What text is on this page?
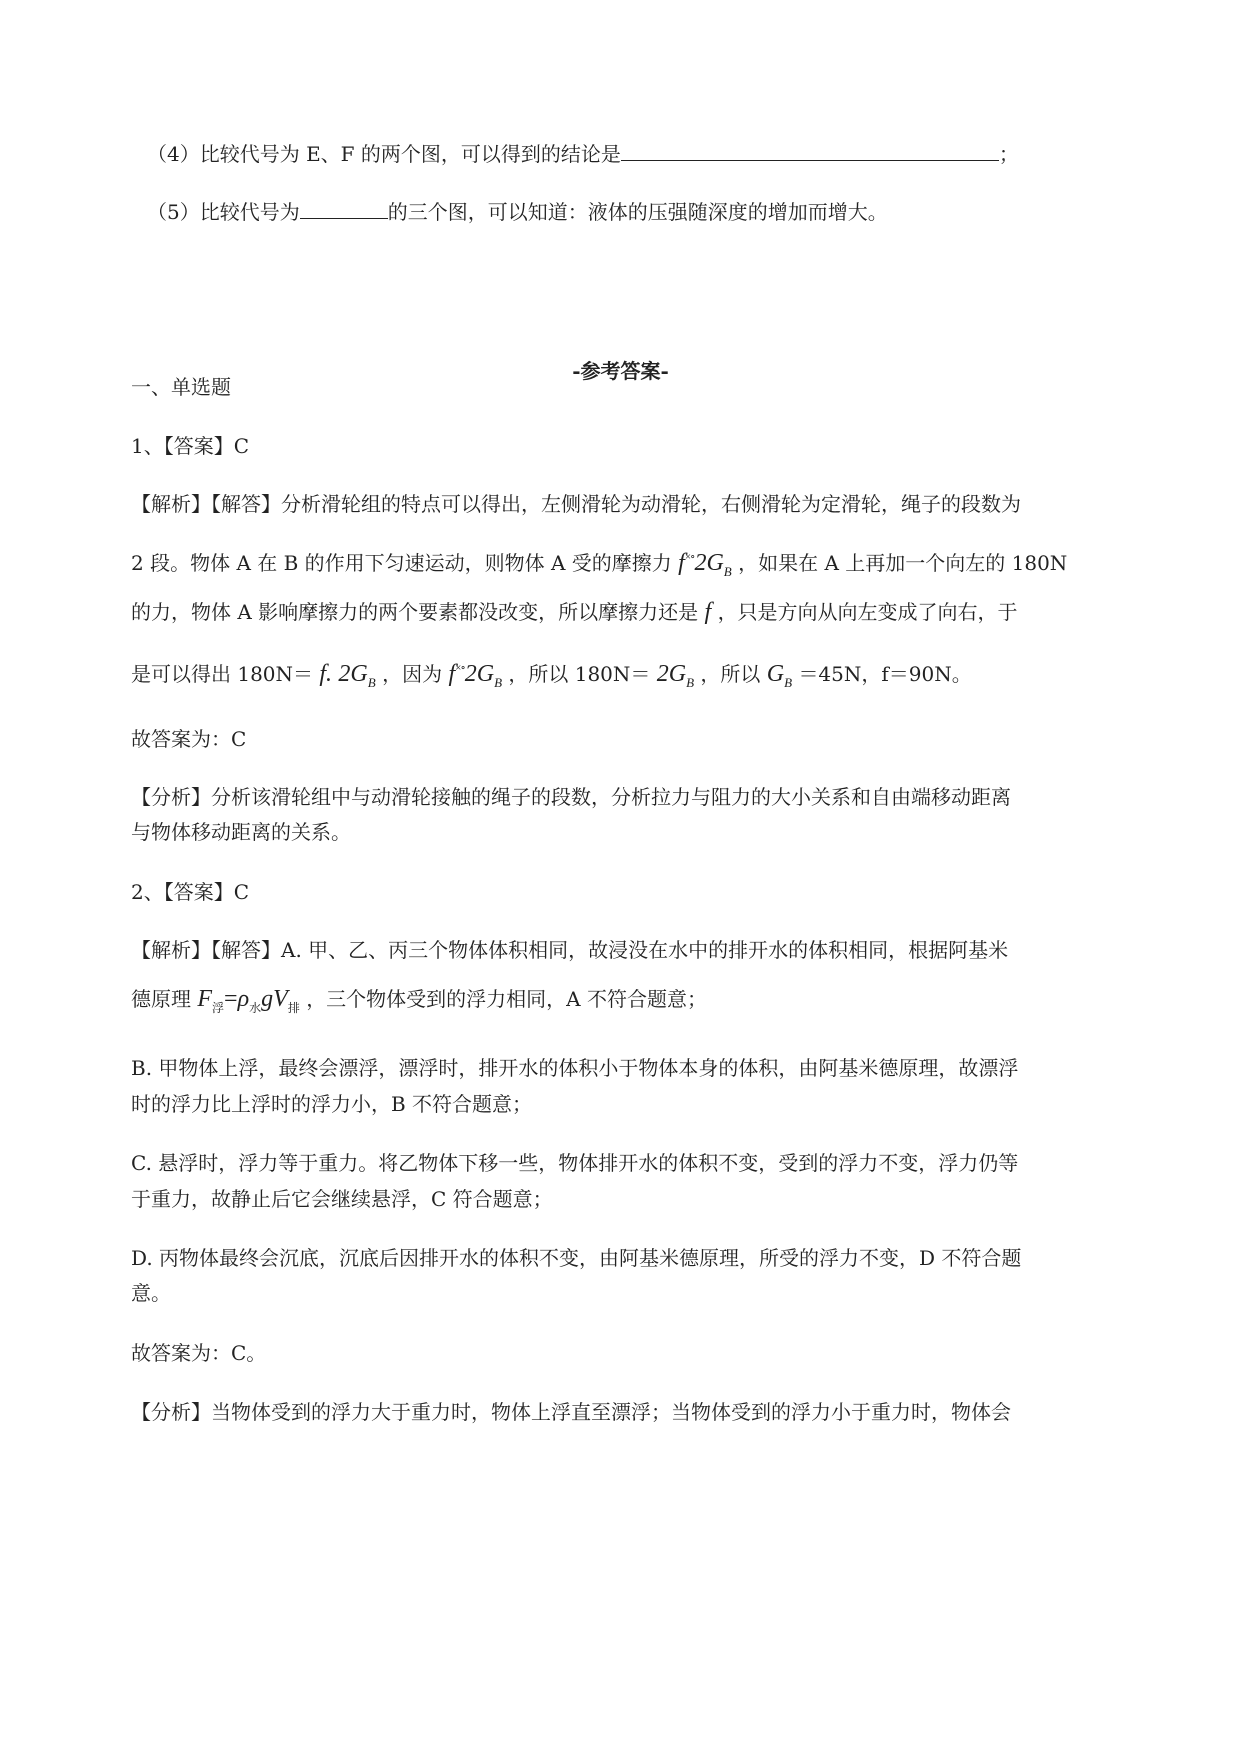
（4）比较代号为 E、F 的两个图，可以得到的结论是	；
（5）比较代号为	的三个图，可以知道：液体的压强随深度的增加而增大。
-参考答案-
一、单选题
1、【答案】C
【解析】【解答】分析滑轮组的特点可以得出，左侧滑轮为动滑轮，右侧滑轮为定滑轮，绳子的段数为
2 段。物体 A 在 B 的作用下匀速运动，则物体 A 受的摩擦力 $f^{\times\circ}2G_B$ ，如果在 A 上再加一个向左的 180N
的力，物体 A 影响摩擦力的两个要素都没改变，所以摩擦力还是 f ，只是方向从向左变成了向右，于
是可以得出 180N＝ f. $2G_B$ ，因为 $f^{\times\circ}2G_B$ ，所以 $180N= 2G_B$ ，所以 $G_B =45N$，f＝90N。
故答案为：C
【分析】分析该滑轮组中与动滑轮接触的绳子的段数，分析拉力与阻力的大小关系和自由端移动距离
与物体移动距离的关系。
2、【答案】C
【解析】【解答】A. 甲、乙、丙三个物体体积相同，故浸没在水中的排开水的体积相同，根据阿基米
德原理 $F_浮=\rho_水gV_排$ ，三个物体受到的浮力相同，A 不符合题意；
B. 甲物体上浮，最终会漂浮，漂浮时，排开水的体积小于物体本身的体积，由阿基米德原理，故漂浮
时的浮力比上浮时的浮力小，B 不符合题意；
C. 悬浮时，浮力等于重力。将乙物体下移一些，物体排开水的体积不变，受到的浮力不变，浮力仍等
于重力，故静止后它会继续悬浮，C 符合题意；
D. 丙物体最终会沉底，沉底后因排开水的体积不变，由阿基米德原理，所受的浮力不变，D 不符合题
意。
故答案为：C。
【分析】当物体受到的浮力大于重力时，物体上浮直至漂浮；当物体受到的浮力小于重力时，物体会
